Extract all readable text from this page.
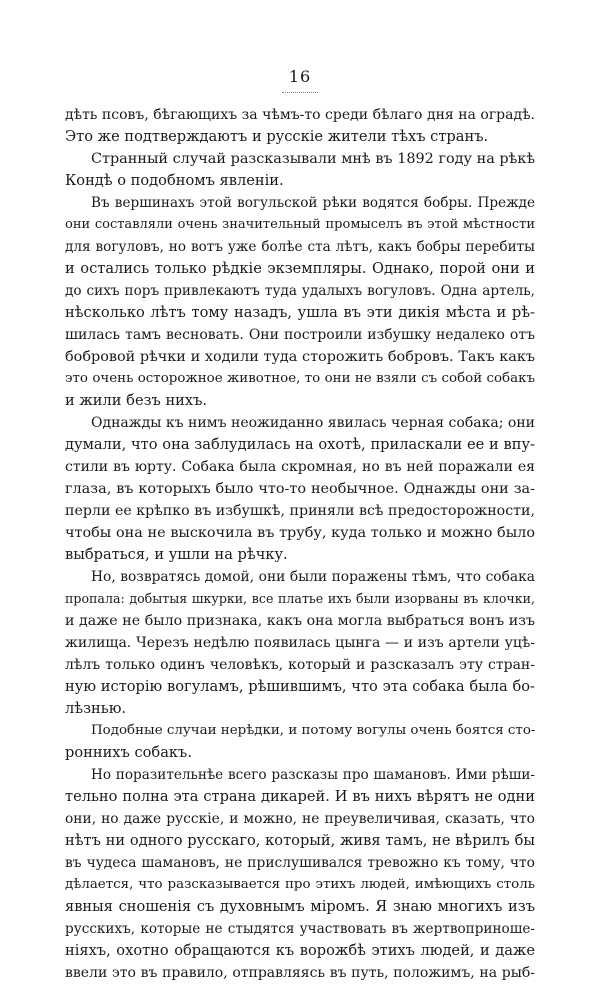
16
дѣть псовъ, бѣгающихъ за чѣмъ-то среди бѣлаго дня на оградѣ.
Это же подтверждаютъ и русскіе жители тѣхъ странъ.
Странный случай разсказывали мнѣ въ 1892 году на рѣкѣ
Кондѣ о подобномъ явленіи.
Въ вершинахъ этой вогульской рѣки водятся бобры. Прежде
они составляли очень значительный промыселъ въ этой мѣстности
для вогуловъ, но вотъ уже болѣе ста лѣтъ, какъ бобры перебиты
и остались только рѣдкіе экземпляры. Однако, порой они и
до сихъ поръ привлекаютъ туда удалыхъ вогуловъ. Одна артель,
нѣсколько лѣтъ тому назадъ, ушла въ эти дикія мѣста и рѣ-
шилась тамъ весновать. Они построили избушку недалеко отъ
бобровой рѣчки и ходили туда сторожить бобровъ. Такъ какъ
это очень осторожное животное, то они не взяли съ собой собакъ
и жили безъ нихъ.
Однажды къ нимъ неожиданно явилась черная собака; они
думали, что она заблудилась на охотѣ, приласкали ее и впу-
стили въ юрту. Собака была скромная, но въ ней поражали ея
глаза, въ которыхъ было что-то необычное. Однажды они за-
перли ее крѣпко въ избушкѣ, приняли всѣ предосторожности,
чтобы она не выскочила въ трубу, куда только и можно было
выбраться, и ушли на рѣчку.
Но, возвратясь домой, они были поражены тѣмъ, что собака
пропала: добытыя шкурки, все платье ихъ были изорваны въ клочки,
и даже не было признака, какъ она могла выбраться вонъ изъ
жилища. Черезъ недѣлю появилась цынга — и изъ артели уцѣ-
лѣлъ только одинъ человѣкъ, который и разсказалъ эту стран-
ную исторію вогуламъ, рѣшившимъ, что эта собака была бо-
лѣзнью.
Подобные случаи нерѣдки, и потому вогулы очень боятся сто-
роннихъ собакъ.
Но поразительнѣе всего разсказы про шамановъ. Ими рѣши-
тельно полна эта страна дикарей. И въ нихъ вѣрятъ не одни
они, но даже русскіе, и можно, не преувеличивая, сказать, что
нѣтъ ни одного русскаго, который, живя тамъ, не вѣрилъ бы
въ чудеса шамановъ, не прислушивался тревожно къ тому, что
дѣлается, что разсказывается про этихъ людей, имѣющихъ столь
явныя сношенія съ духовнымъ міромъ. Я знаю многихъ изъ
русскихъ, которые не стыдятся участвовать въ жертвоприноше-
ніяхъ, охотно обращаются къ ворожбѣ этихъ людей, и даже
ввели это въ правило, отправляясь въ путь, положимъ, на рыб-
